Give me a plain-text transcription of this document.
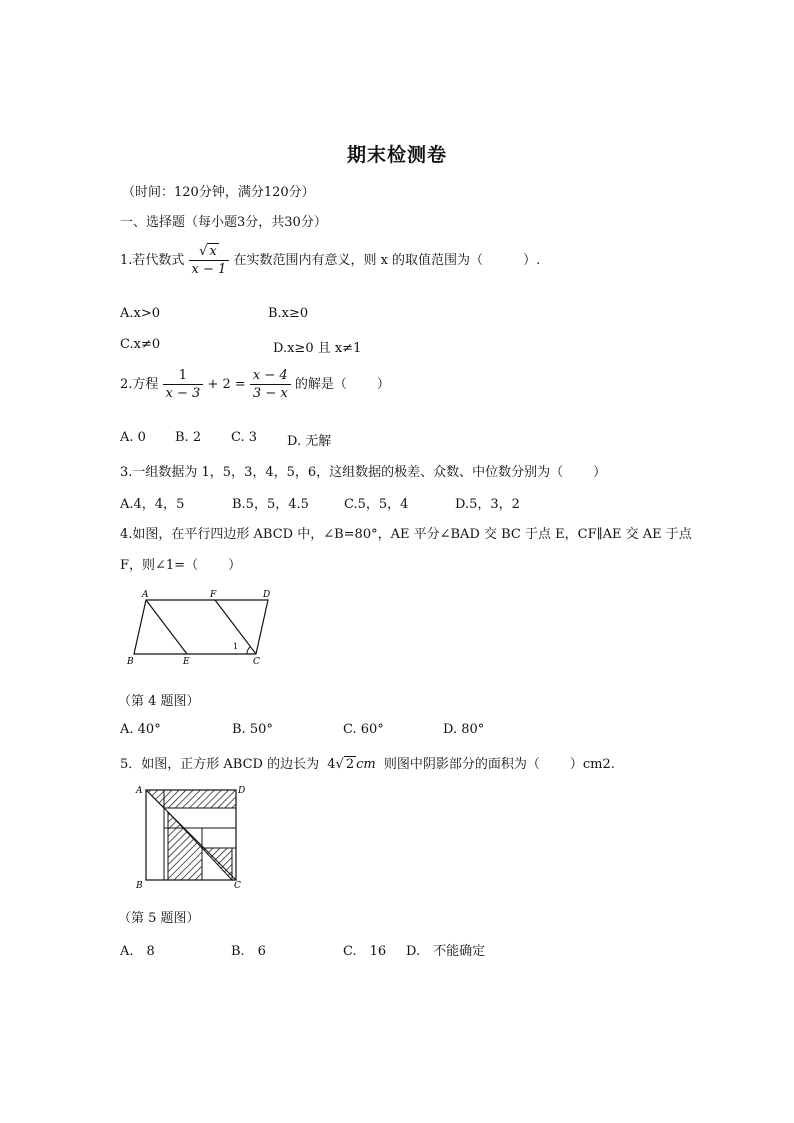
期末检测卷
（时间：120分钟，满分120分）
一、选择题（每小题3分，共30分）
1.若代数式 $\frac{√ x}{x - 1}$ 在实数范围内有意义，则 x 的取值范围为（	）.
A.x>0	B.x≥0
C.x≠0	D.x≥0 且 x≠1
2.方程 $\frac{1}{x - 3} + 2 = \frac{x - 4}{3 - x}$ 的解是（ ）
A. 0 B. 2 C. 3 D. 无解
3.一组数据为 1，5，3，4，5，6，这组数据的极差、众数、中位数分别为（ ）
A.4，4，5	B.5，5，4.5	C.5，5，4	D.5，3，2
4.如图，在平行四边形 ABCD 中，∠B=80°，AE 平分∠BAD 交 BC 于点 E，CF∥AE 交 AE 于点
F，则∠1=（ ）
A	F	D
B	E	C
1
（第 4 题图）
A. 40°	B. 50°	C. 60°	D. 80°
5．如图，正方形 ABCD 的边长为 4√ 2 cm 则图中阴影部分的面积为（ ）cm2.
A	D
B	C
（第 5 题图）
A.　8	B.　6	C.　16 D.　不能确定
